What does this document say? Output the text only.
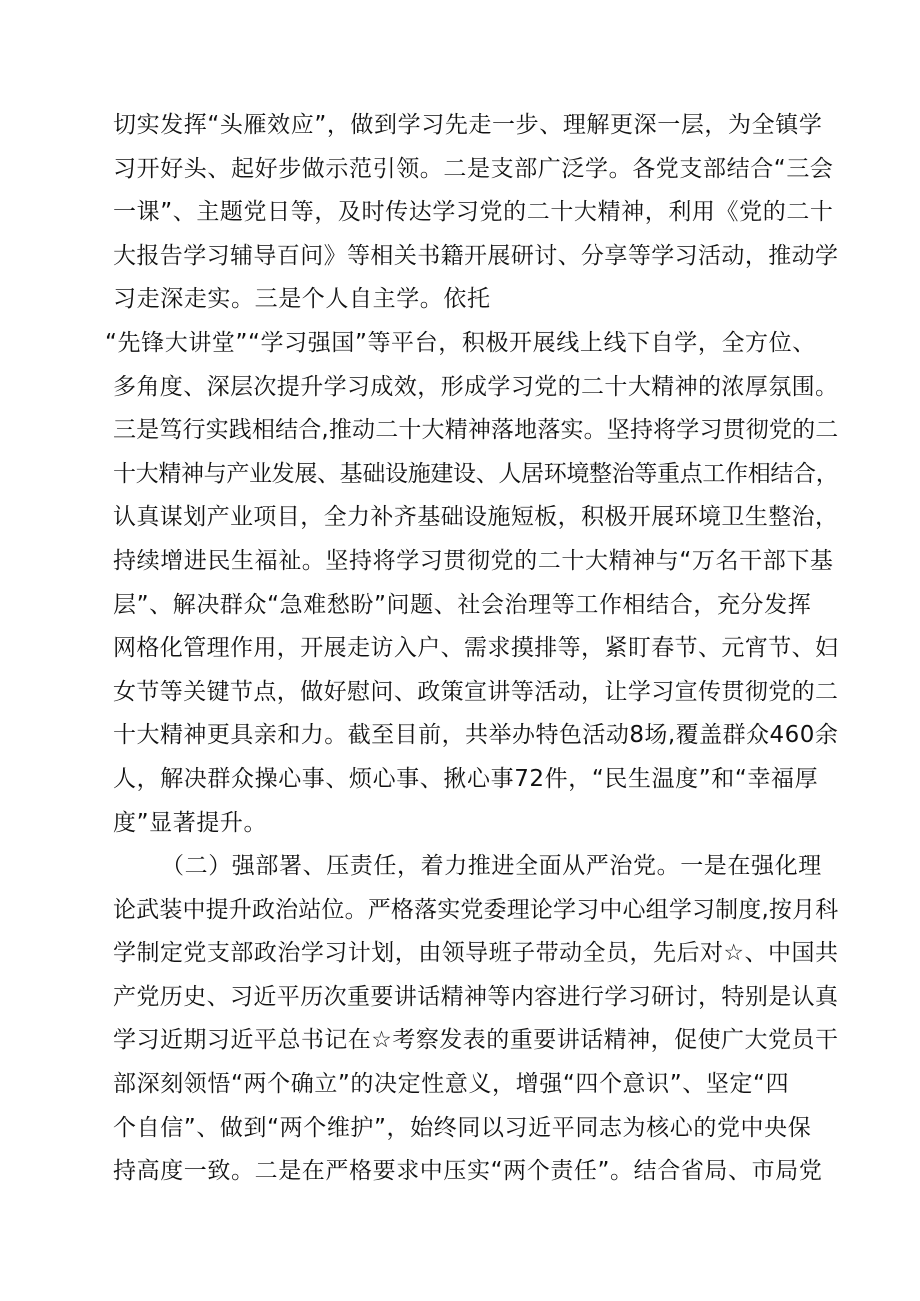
切实发挥“头雁效应”，做到学习先走一步、理解更深一层，为全镇学
习开好头、起好步做示范引领。二是支部广泛学。各党支部结合“三会
一课”、主题党日等，及时传达学习党的二十大精神，利用《党的二十
大报告学习辅导百问》等相关书籍开展研讨、分享等学习活动，推动学
习走深走实。三是个人自主学。依托
“先锋大讲堂”“学习强国”等平台，积极开展线上线下自学，全方位、
多角度、深层次提升学习成效，形成学习党的二十大精神的浓厚氛围。
三是笃行实践相结合,推动二十大精神落地落实。坚持将学习贯彻党的二
十大精神与产业发展、基础设施建设、人居环境整治等重点工作相结合，
认真谋划产业项目，全力补齐基础设施短板，积极开展环境卫生整治，
持续增进民生福祉。坚持将学习贯彻党的二十大精神与“万名干部下基
层”、解决群众“急难愁盼”问题、社会治理等工作相结合，充分发挥
网格化管理作用，开展走访入户、需求摸排等，紧盯春节、元宵节、妇
女节等关键节点，做好慰问、政策宣讲等活动，让学习宣传贯彻党的二
十大精神更具亲和力。截至目前，共举办特色活动8场,覆盖群众460余
人，解决群众操心事、烦心事、揪心事72件，“民生温度”和“幸福厚
度”显著提升。
（二）强部署、压责任，着力推进全面从严治党。一是在强化理
论武装中提升政治站位。严格落实党委理论学习中心组学习制度,按月科
学制定党支部政治学习计划，由领导班子带动全员，先后对☆、中国共
产党历史、习近平历次重要讲话精神等内容进行学习研讨，特别是认真
学习近期习近平总书记在☆考察发表的重要讲话精神，促使广大党员干
部深刻领悟“两个确立”的决定性意义，增强“四个意识”、坚定“四
个自信”、做到“两个维护”，始终同以习近平同志为核心的党中央保
持高度一致。二是在严格要求中压实“两个责任”。结合省局、市局党
